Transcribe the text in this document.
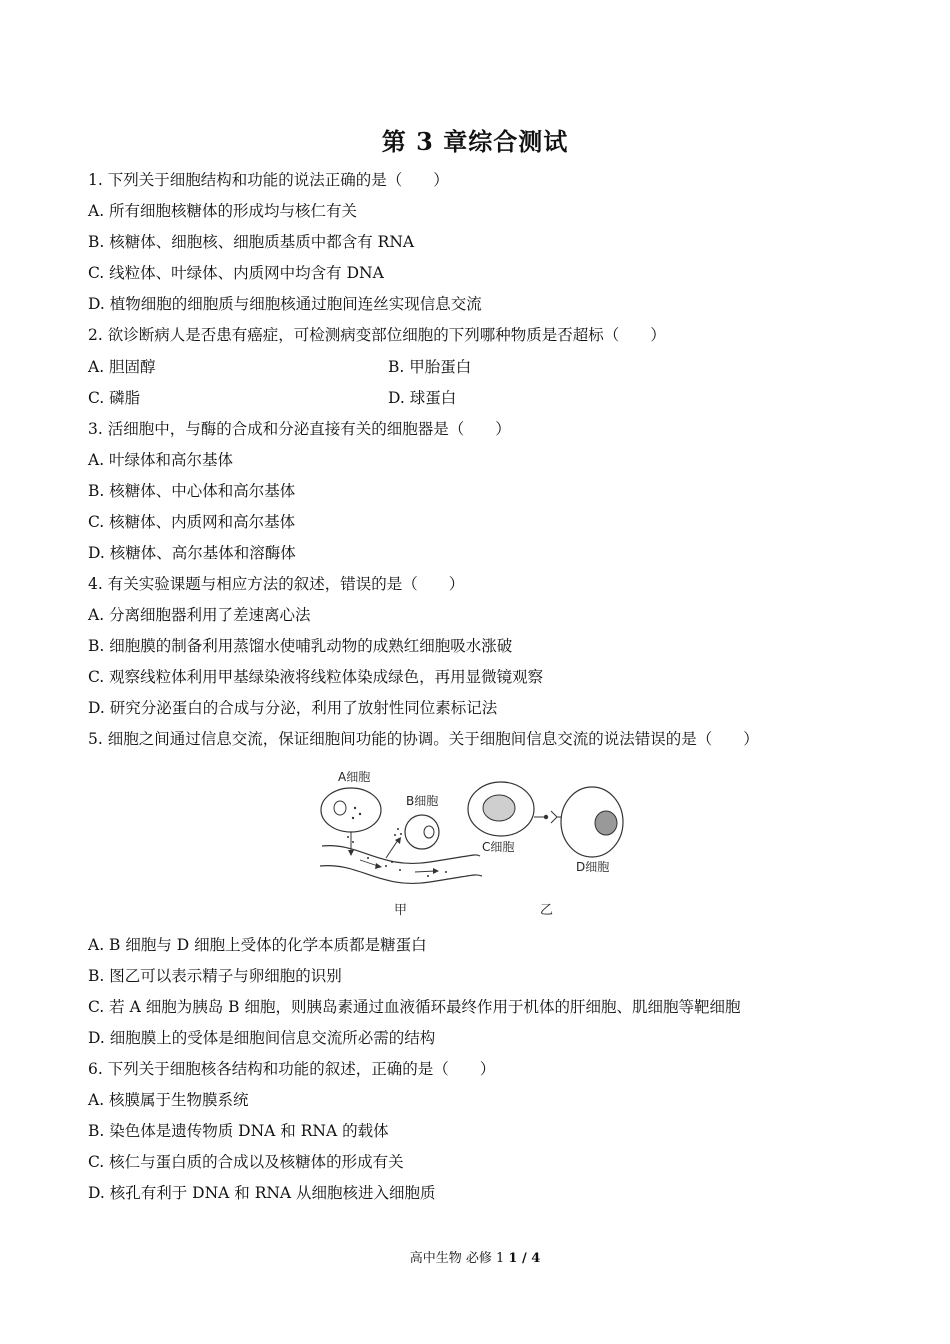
第 3 章综合测试
1. 下列关于细胞结构和功能的说法正确的是（　　）
A. 所有细胞核糖体的形成均与核仁有关
B. 核糖体、细胞核、细胞质基质中都含有 RNA
C. 线粒体、叶绿体、内质网中均含有 DNA
D. 植物细胞的细胞质与细胞核通过胞间连丝实现信息交流
2. 欲诊断病人是否患有癌症，可检测病变部位细胞的下列哪种物质是否超标（　　）
A. 胆固醇	B. 甲胎蛋白
C. 磷脂	D. 球蛋白
3. 活细胞中，与酶的合成和分泌直接有关的细胞器是（　　）
A. 叶绿体和高尔基体
B. 核糖体、中心体和高尔基体
C. 核糖体、内质网和高尔基体
D. 核糖体、高尔基体和溶酶体
4. 有关实验课题与相应方法的叙述，错误的是（　　）
A. 分离细胞器利用了差速离心法
B. 细胞膜的制备利用蒸馏水使哺乳动物的成熟红细胞吸水涨破
C. 观察线粒体利用甲基绿染液将线粒体染成绿色，再用显微镜观察
D. 研究分泌蛋白的合成与分泌，利用了放射性同位素标记法
5. 细胞之间通过信息交流，保证细胞间功能的协调。关于细胞间信息交流的说法错误的是（　　）
A细胞
B细胞
C细胞
D细胞
甲	乙
A. B 细胞与 D 细胞上受体的化学本质都是糖蛋白
B. 图乙可以表示精子与卵细胞的识别
C. 若 A 细胞为胰岛 B 细胞，则胰岛素通过血液循环最终作用于机体的肝细胞、肌细胞等靶细胞
D. 细胞膜上的受体是细胞间信息交流所必需的结构
6. 下列关于细胞核各结构和功能的叙述，正确的是（　　）
A. 核膜属于生物膜系统
B. 染色体是遗传物质 DNA 和 RNA 的载体
C. 核仁与蛋白质的合成以及核糖体的形成有关
D. 核孔有利于 DNA 和 RNA 从细胞核进入细胞质
高中生物 必修 1 1 / 4
